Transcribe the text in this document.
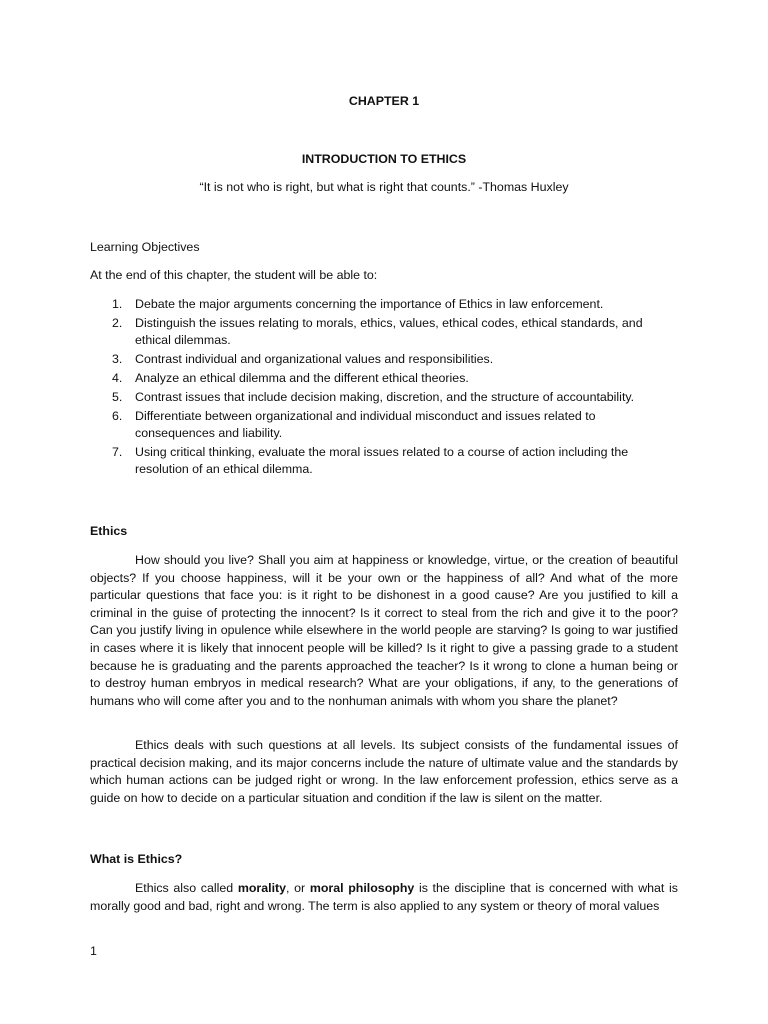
CHAPTER 1
INTRODUCTION TO ETHICS
“It is not who is right, but what is right that counts.” -Thomas Huxley
Learning Objectives
At the end of this chapter, the student will be able to:
1. Debate the major arguments concerning the importance of Ethics in law enforcement.
2. Distinguish the issues relating to morals, ethics, values, ethical codes, ethical standards, and ethical dilemmas.
3. Contrast individual and organizational values and responsibilities.
4. Analyze an ethical dilemma and the different ethical theories.
5. Contrast issues that include decision making, discretion, and the structure of accountability.
6. Differentiate between organizational and individual misconduct and issues related to consequences and liability.
7. Using critical thinking, evaluate the moral issues related to a course of action including the resolution of an ethical dilemma.
Ethics
How should you live? Shall you aim at happiness or knowledge, virtue, or the creation of beautiful objects? If you choose happiness, will it be your own or the happiness of all? And what of the more particular questions that face you: is it right to be dishonest in a good cause? Are you justified to kill a criminal in the guise of protecting the innocent? Is it correct to steal from the rich and give it to the poor? Can you justify living in opulence while elsewhere in the world people are starving? Is going to war justified in cases where it is likely that innocent people will be killed? Is it right to give a passing grade to a student because he is graduating and the parents approached the teacher? Is it wrong to clone a human being or to destroy human embryos in medical research? What are your obligations, if any, to the generations of humans who will come after you and to the nonhuman animals with whom you share the planet?
Ethics deals with such questions at all levels. Its subject consists of the fundamental issues of practical decision making, and its major concerns include the nature of ultimate value and the standards by which human actions can be judged right or wrong. In the law enforcement profession, ethics serve as a guide on how to decide on a particular situation and condition if the law is silent on the matter.
What is Ethics?
Ethics also called morality, or moral philosophy is the discipline that is concerned with what is morally good and bad, right and wrong. The term is also applied to any system or theory of moral values
1
